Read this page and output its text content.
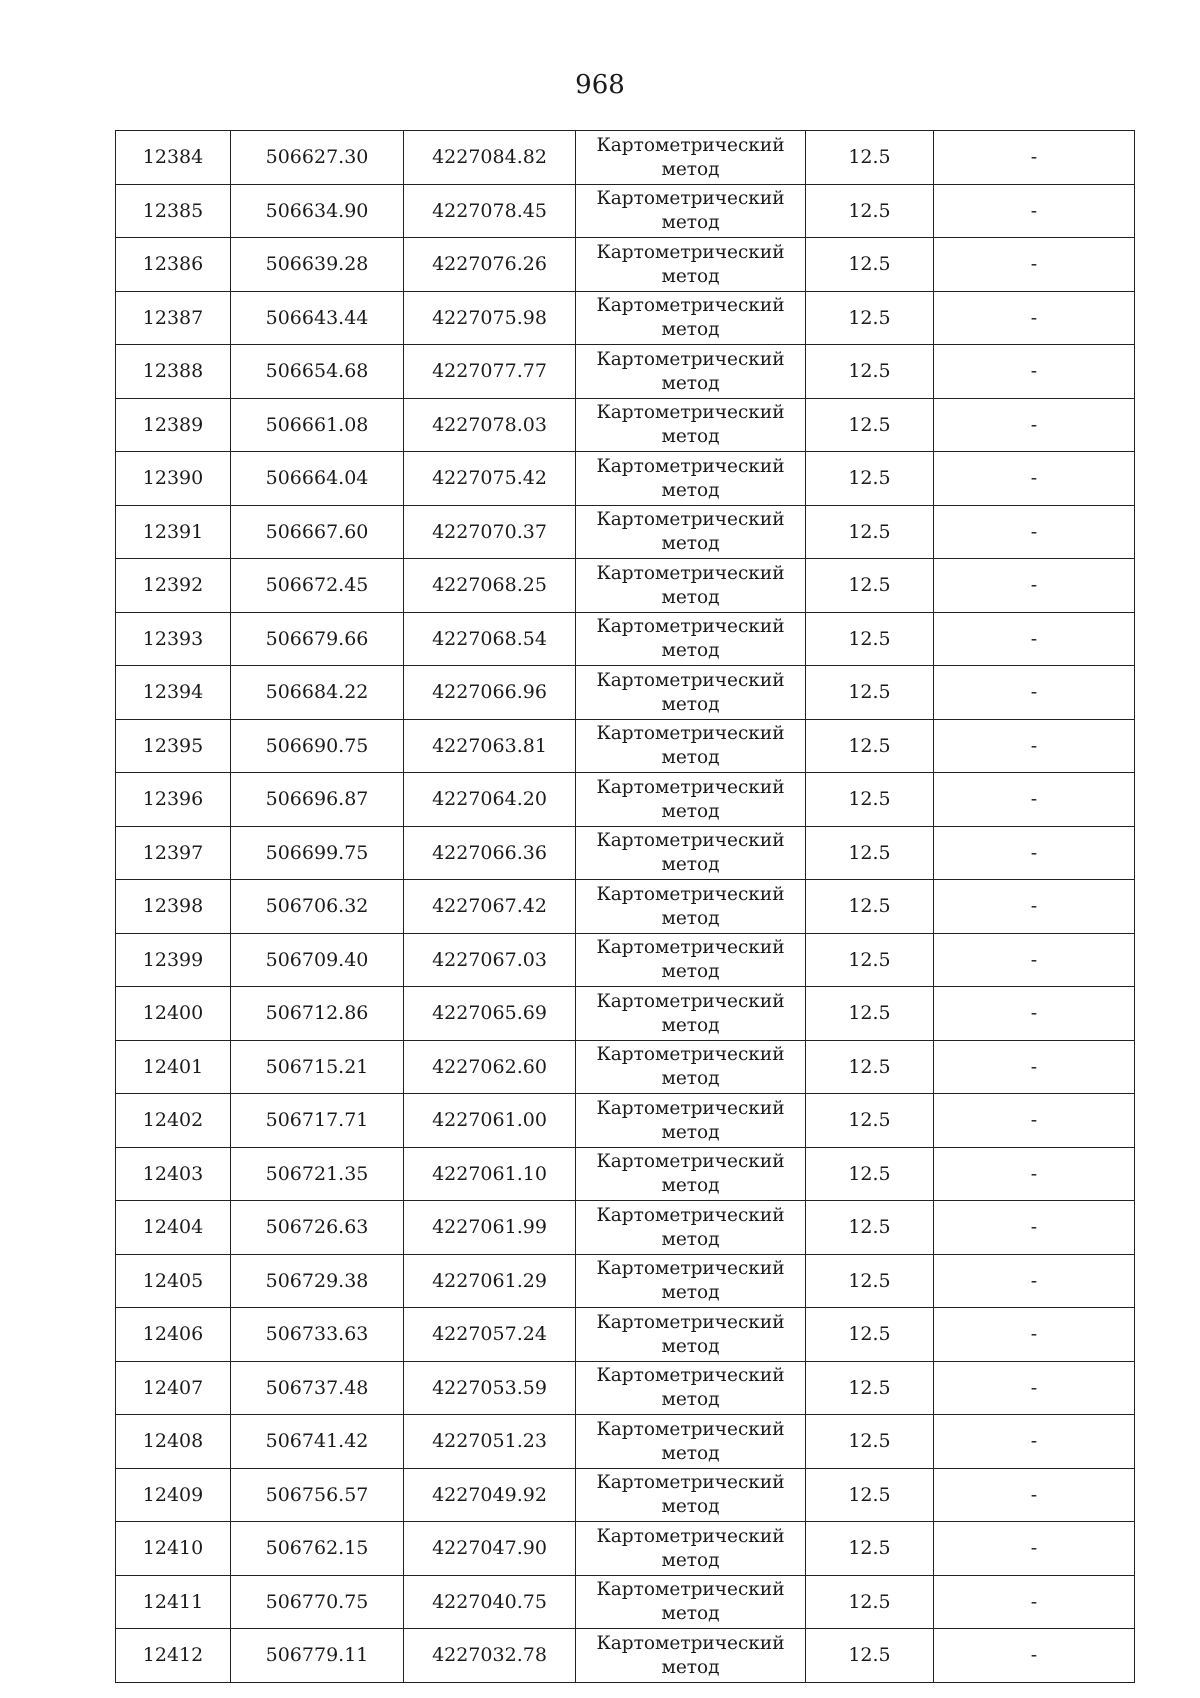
968
12384	506627.30	4227084.82	Картометрический метод	12.5	-
12385	506634.90	4227078.45	Картометрический метод	12.5	-
12386	506639.28	4227076.26	Картометрический метод	12.5	-
12387	506643.44	4227075.98	Картометрический метод	12.5	-
12388	506654.68	4227077.77	Картометрический метод	12.5	-
12389	506661.08	4227078.03	Картометрический метод	12.5	-
12390	506664.04	4227075.42	Картометрический метод	12.5	-
12391	506667.60	4227070.37	Картометрический метод	12.5	-
12392	506672.45	4227068.25	Картометрический метод	12.5	-
12393	506679.66	4227068.54	Картометрический метод	12.5	-
12394	506684.22	4227066.96	Картометрический метод	12.5	-
12395	506690.75	4227063.81	Картометрический метод	12.5	-
12396	506696.87	4227064.20	Картометрический метод	12.5	-
12397	506699.75	4227066.36	Картометрический метод	12.5	-
12398	506706.32	4227067.42	Картометрический метод	12.5	-
12399	506709.40	4227067.03	Картометрический метод	12.5	-
12400	506712.86	4227065.69	Картометрический метод	12.5	-
12401	506715.21	4227062.60	Картометрический метод	12.5	-
12402	506717.71	4227061.00	Картометрический метод	12.5	-
12403	506721.35	4227061.10	Картометрический метод	12.5	-
12404	506726.63	4227061.99	Картометрический метод	12.5	-
12405	506729.38	4227061.29	Картометрический метод	12.5	-
12406	506733.63	4227057.24	Картометрический метод	12.5	-
12407	506737.48	4227053.59	Картометрический метод	12.5	-
12408	506741.42	4227051.23	Картометрический метод	12.5	-
12409	506756.57	4227049.92	Картометрический метод	12.5	-
12410	506762.15	4227047.90	Картометрический метод	12.5	-
12411	506770.75	4227040.75	Картометрический метод	12.5	-
12412	506779.11	4227032.78	Картометрический метод	12.5	-
